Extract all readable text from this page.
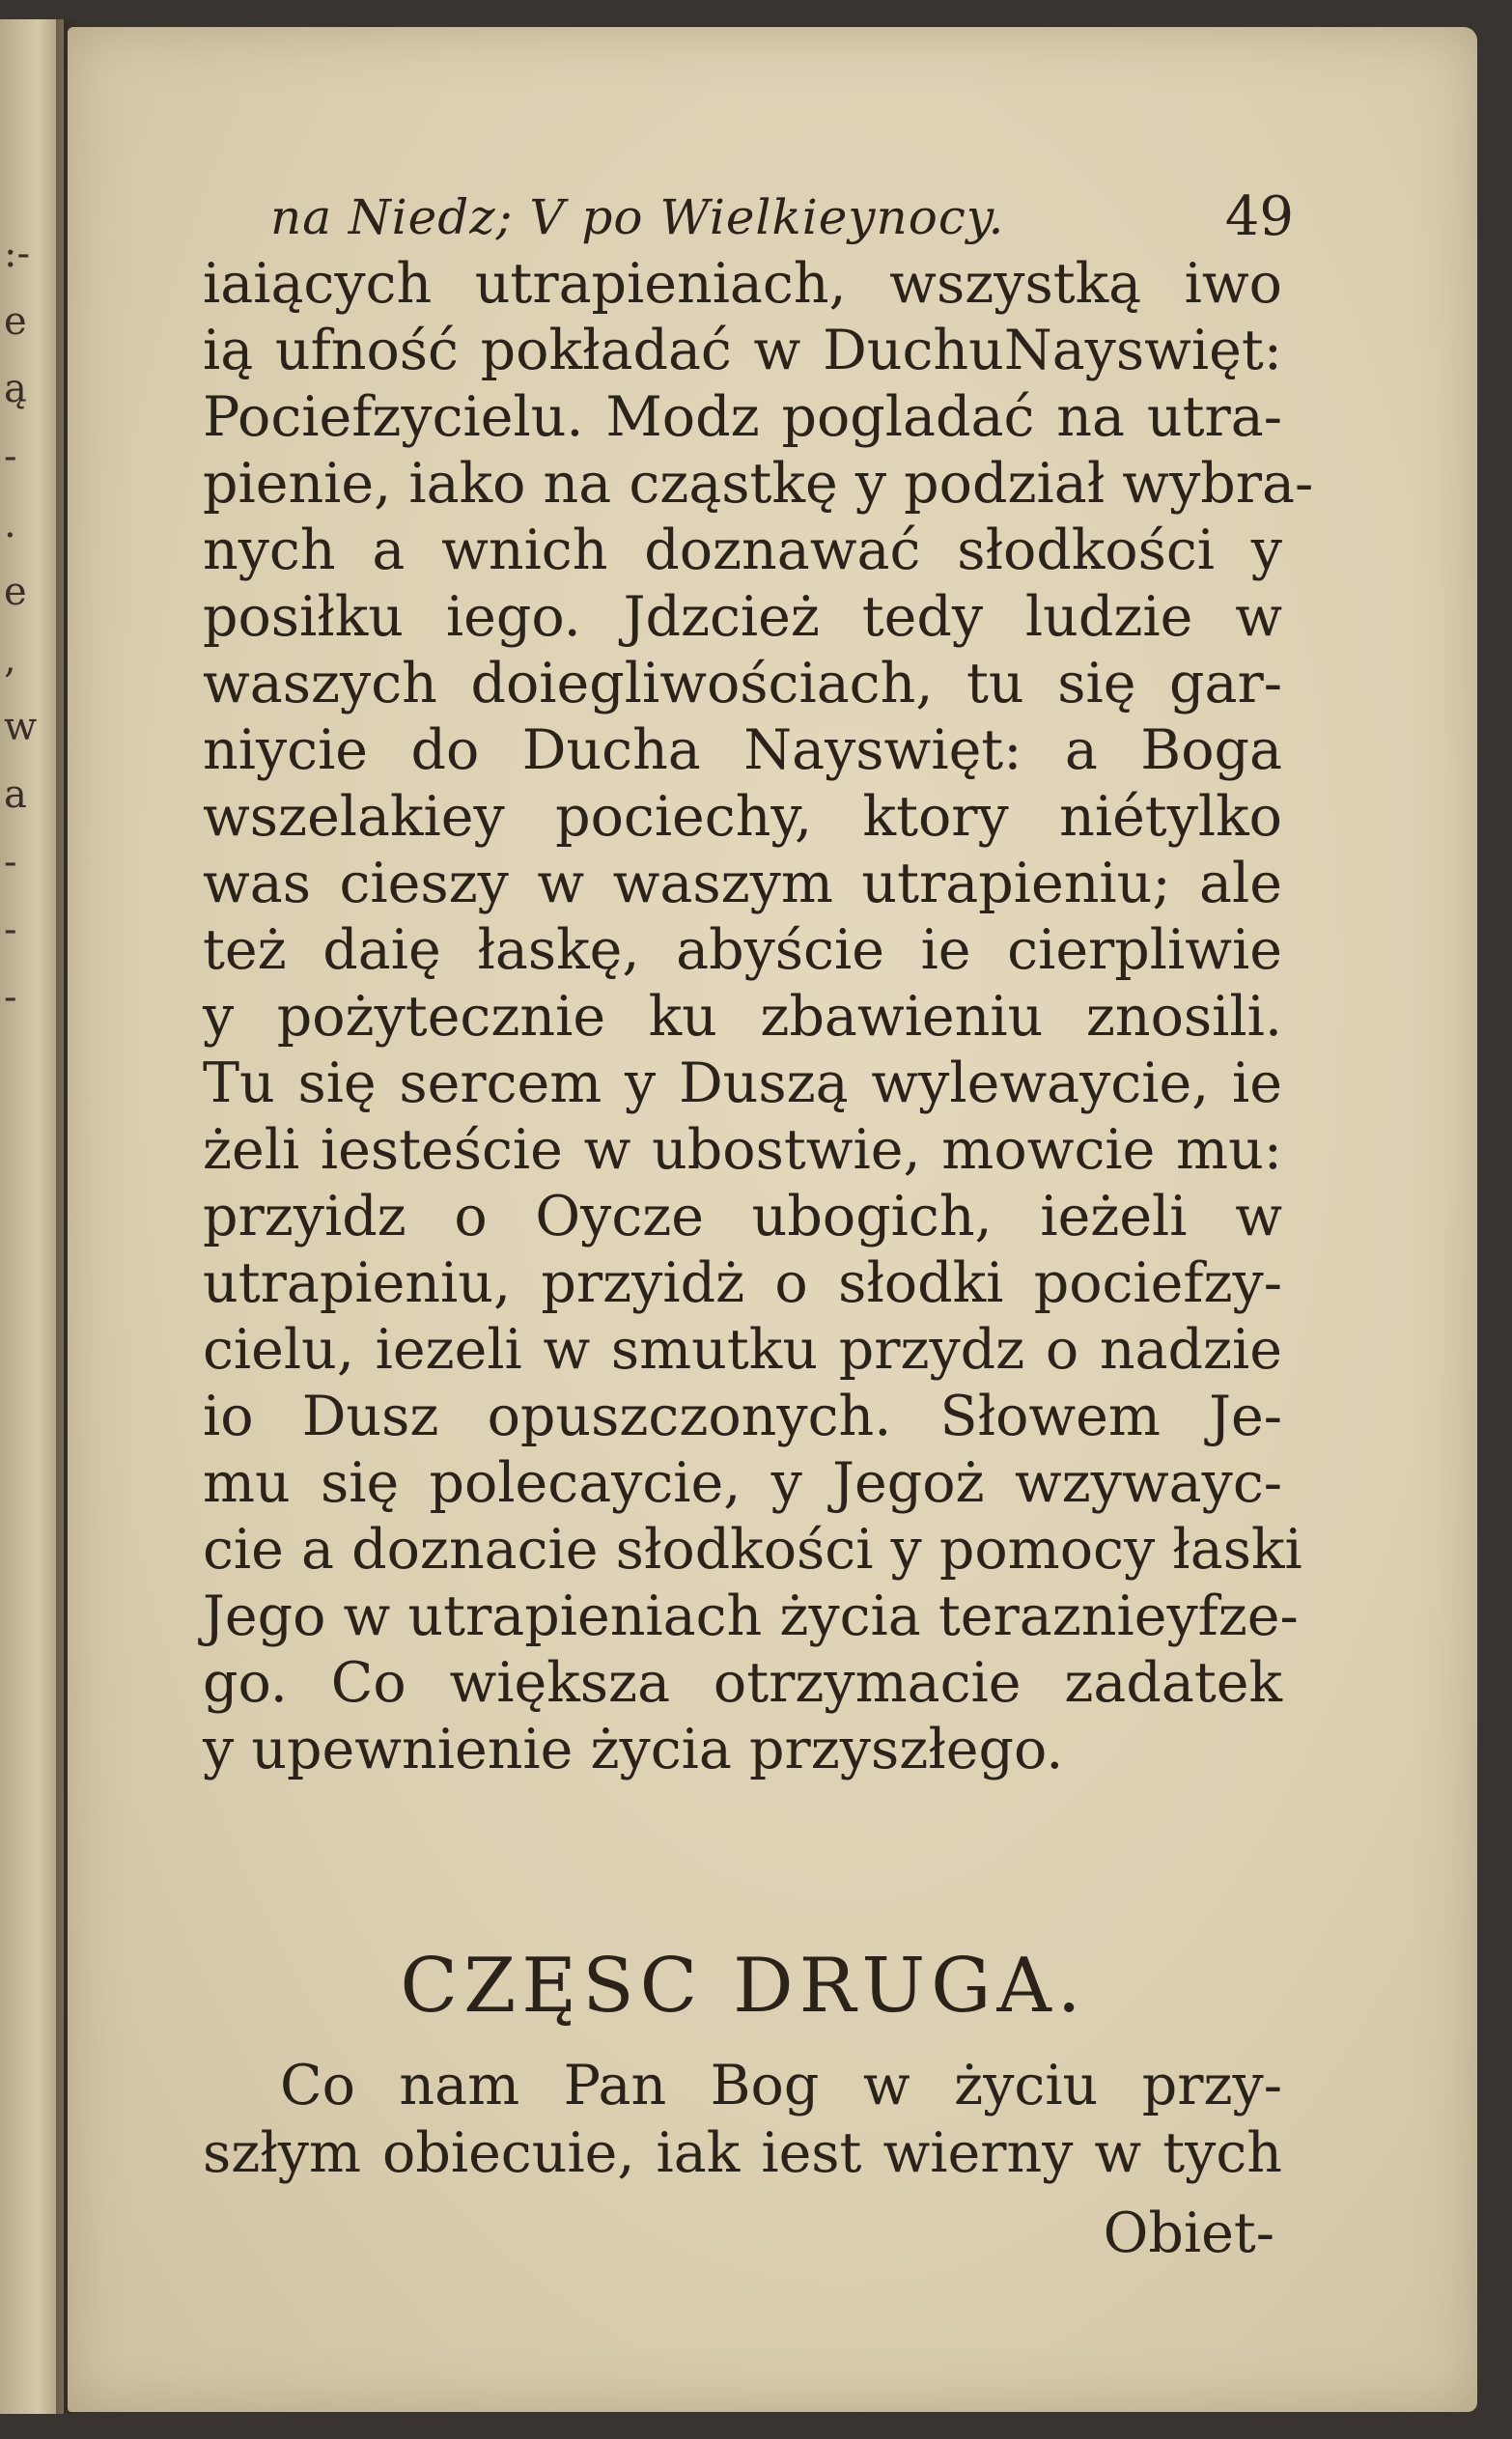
:-
e
ą
-
.
e
,
w
a
-
-
-
na Niedz; V po Wielkieynocy.	49
iaiących utrapieniach, wszystką iwo
ią ufność pokładać w DuchuNayswięt:
Pociefzycielu. Modz pogladać na utra-
pienie, iako na cząstkę y podział wybra-
nych a wnich doznawać słodkości y
posiłku iego. Jdzcież tedy ludzie w
waszych doiegliwościach, tu się gar-
niycie do Ducha Nayswięt: a Boga
wszelakiey pociechy, ktory niétylko
was cieszy w waszym utrapieniu; ale
też daię łaskę, abyście ie cierpliwie
y pożytecznie ku zbawieniu znosili.
Tu się sercem y Duszą wylewaycie, ie
żeli iesteście w ubostwie, mowcie mu:
przyidz o Oycze ubogich, ieżeli w
utrapieniu, przyidż o słodki pociefzy-
cielu, iezeli w smutku przydz o nadzie
io Dusz opuszczonych. Słowem Je-
mu się polecaycie, y Jegoż wzywayc-
cie a doznacie słodkości y pomocy łaski
Jego w utrapieniach życia teraznieyfze-
go. Co większa otrzymacie zadatek
y upewnienie życia przyszłego.
CZĘSC DRUGA.
Co nam Pan Bog w życiu przy-
szłym obiecuie, iak iest wierny w tych
Obiet-
